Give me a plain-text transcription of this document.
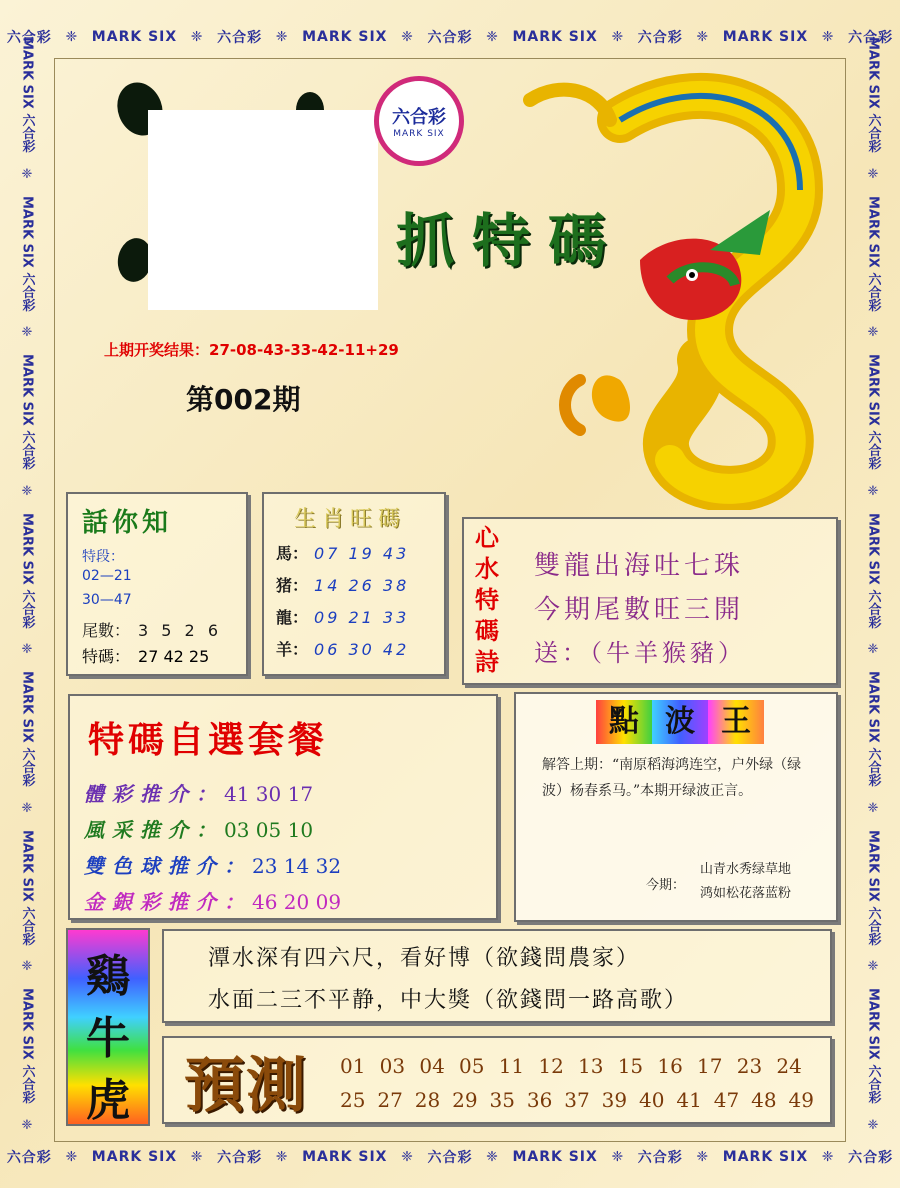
六合彩 ❈ MARK SIX ❈ 六合彩 ❈ MARK SIX ❈ 六合彩 ❈ MARK SIX ❈ 六合彩 ❈ MARK SIX ❈ 六合彩
六合彩 ❈ MARK SIX ❈ 六合彩 ❈ MARK SIX ❈ 六合彩 ❈ MARK SIX ❈ 六合彩 ❈ MARK SIX ❈ 六合彩
MARK SIX 六合彩
❈
MARK SIX 六合彩
❈
MARK SIX 六合彩
❈
MARK SIX 六合彩
❈
MARK SIX 六合彩
❈
MARK SIX 六合彩
❈
MARK SIX 六合彩
❈
MARK SIX 六合彩
❈
MARK SIX 六合彩
❈
MARK SIX 六合彩
❈
MARK SIX 六合彩
❈
MARK SIX 六合彩
❈
MARK SIX 六合彩
❈
MARK SIX 六合彩
❈
六合彩
MARK SIX
抓特碼
上期开奖结果：27-08-43-33-42-11+29
第002期
話你知
特段：
02—21
30—47
尾數： 3 5 2 6
特碼： 27 42 25
生肖旺碼
馬： 07 19 43
猪： 14 26 38
龍： 09 21 33
羊： 06 30 42
心
水
特
碼
詩
雙龍出海吐七珠
今期尾數旺三開
送：（牛羊猴豬）
特碼自選套餐
體彩推介：41 30 17
風采推介：03 05 10
雙色球推介：23 14 32
金銀彩推介：46 20 09
點 波 王
解答上期：“南原稻海鸿连空，户外绿（绿波）杨春系马。”本期开绿波正言。
今期：
山青水秀绿草地
鸿如松花落蓝粉
鷄
牛
虎
潭水深有四六尺，看好博（欲錢問農家）
水面二三不平静，中大獎（欲錢問一路高歌）
預測 01 03 04 05 11 12 13 15 16 17 23 24
25 27 28 29 35 36 37 39 40 41 47 48 49
